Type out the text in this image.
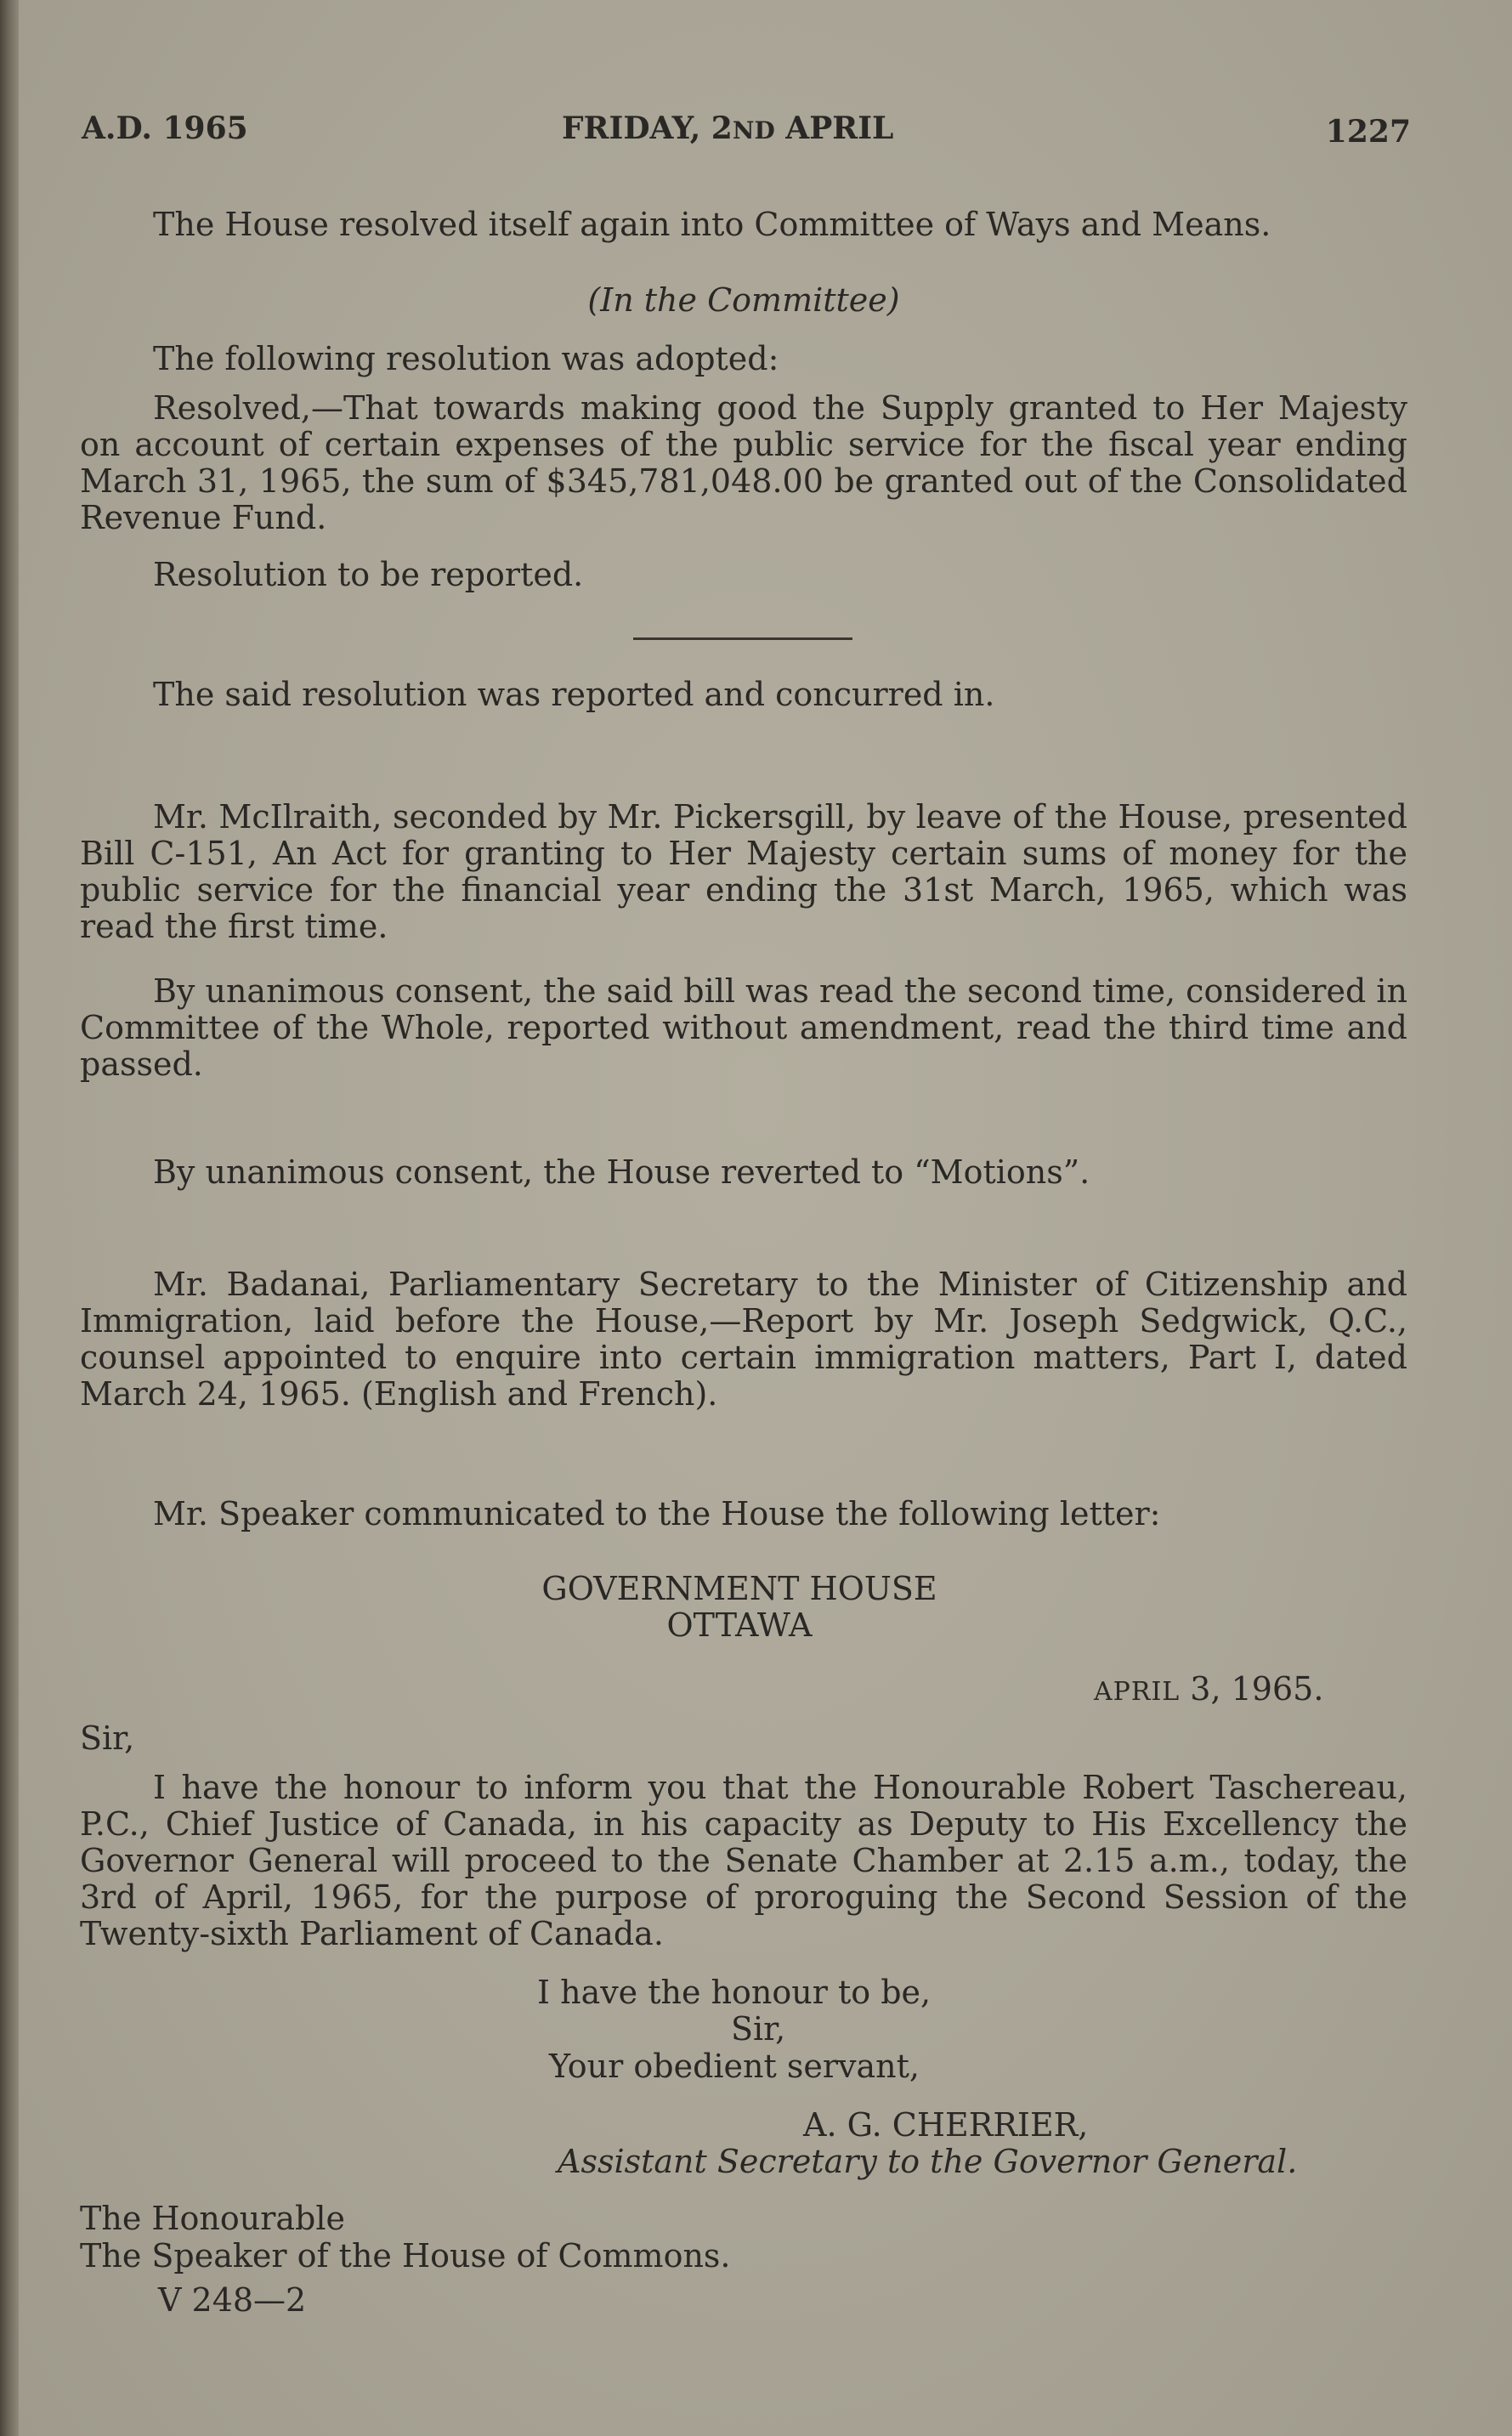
A.D. 1965	FRIDAY, 2ND APRIL	1227
The House resolved itself again into Committee of Ways and Means.
(In the Committee)
The following resolution was adopted:
Resolved,—That towards making good the Supply granted to Her Majesty on account of certain expenses of the public service for the fiscal year ending March 31, 1965, the sum of $345,781,048.00 be granted out of the Consolidated Revenue Fund.
Resolution to be reported.
The said resolution was reported and concurred in.
Mr. McIlraith, seconded by Mr. Pickersgill, by leave of the House, presented Bill C-151, An Act for granting to Her Majesty certain sums of money for the public service for the financial year ending the 31st March, 1965, which was read the first time.
By unanimous consent, the said bill was read the second time, considered in Committee of the Whole, reported without amendment, read the third time and passed.
By unanimous consent, the House reverted to “Motions”.
Mr. Badanai, Parliamentary Secretary to the Minister of Citizenship and Immigration, laid before the House,—Report by Mr. Joseph Sedgwick, Q.C., counsel appointed to enquire into certain immigration matters, Part I, dated March 24, 1965. (English and French).
Mr. Speaker communicated to the House the following letter:
GOVERNMENT HOUSE
OTTAWA
APRIL 3, 1965.
Sir,
I have the honour to inform you that the Honourable Robert Taschereau, P.C., Chief Justice of Canada, in his capacity as Deputy to His Excellency the Governor General will proceed to the Senate Chamber at 2.15 a.m., today, the 3rd of April, 1965, for the purpose of proroguing the Second Session of the Twenty-sixth Parliament of Canada.
I have the honour to be,
Sir,
Your obedient servant,
A. G. CHERRIER,
Assistant Secretary to the Governor General.
The Honourable
The Speaker of the House of Commons.
V 248—2
